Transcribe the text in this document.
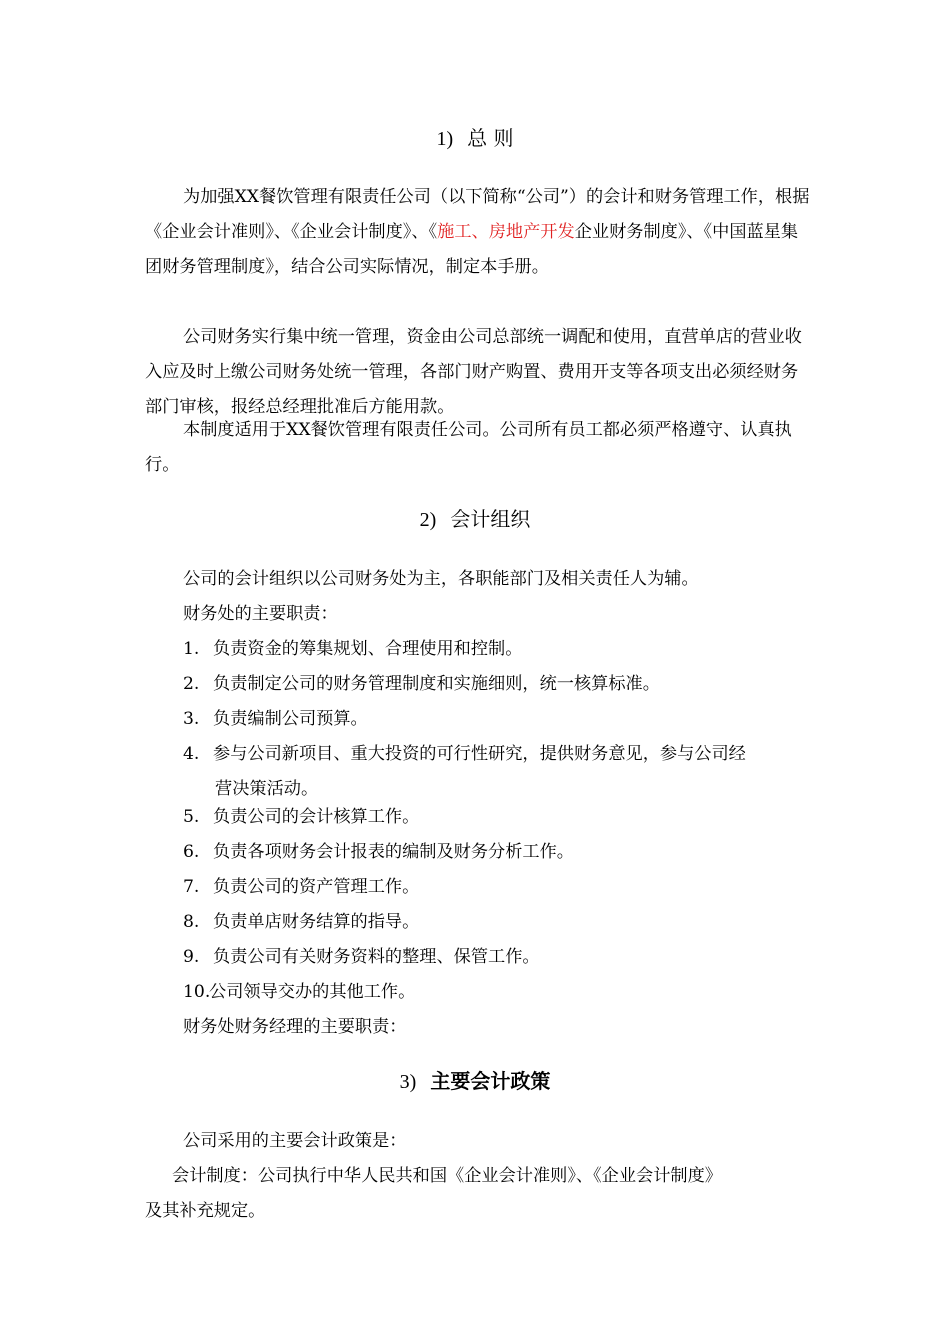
1) 总 则

为加强XX餐饮管理有限责任公司（以下简称“公司”）的会计和财务管理工作，根据《企业会计准则》、《企业会计制度》、《施工、房地产开发企业财务制度》、《中国蓝星集团财务管理制度》，结合公司实际情况，制定本手册。

公司财务实行集中统一管理，资金由公司总部统一调配和使用，直营单店的营业收入应及时上缴公司财务处统一管理，各部门财产购置、费用开支等各项支出必须经财务部门审核，报经总经理批准后方能用款。

本制度适用于XX餐饮管理有限责任公司。公司所有员工都必须严格遵守、认真执行。

2) 会计组织

公司的会计组织以公司财务处为主，各职能部门及相关责任人为辅。

财务处的主要职责：

1. 负责资金的筹集规划、合理使用和控制。

2. 负责制定公司的财务管理制度和实施细则，统一核算标准。

3. 负责编制公司预算。

4. 参与公司新项目、重大投资的可行性研究，提供财务意见，参与公司经
营决策活动。

5. 负责公司的会计核算工作。

6. 负责各项财务会计报表的编制及财务分析工作。

7. 负责公司的资产管理工作。

8. 负责单店财务结算的指导。

9. 负责公司有关财务资料的整理、保管工作。

10.公司领导交办的其他工作。

财务处财务经理的主要职责：

3) 主要会计政策

公司采用的主要会计政策是：

会计制度：公司执行中华人民共和国《企业会计准则》、《企业会计制度》

及其补充规定。
